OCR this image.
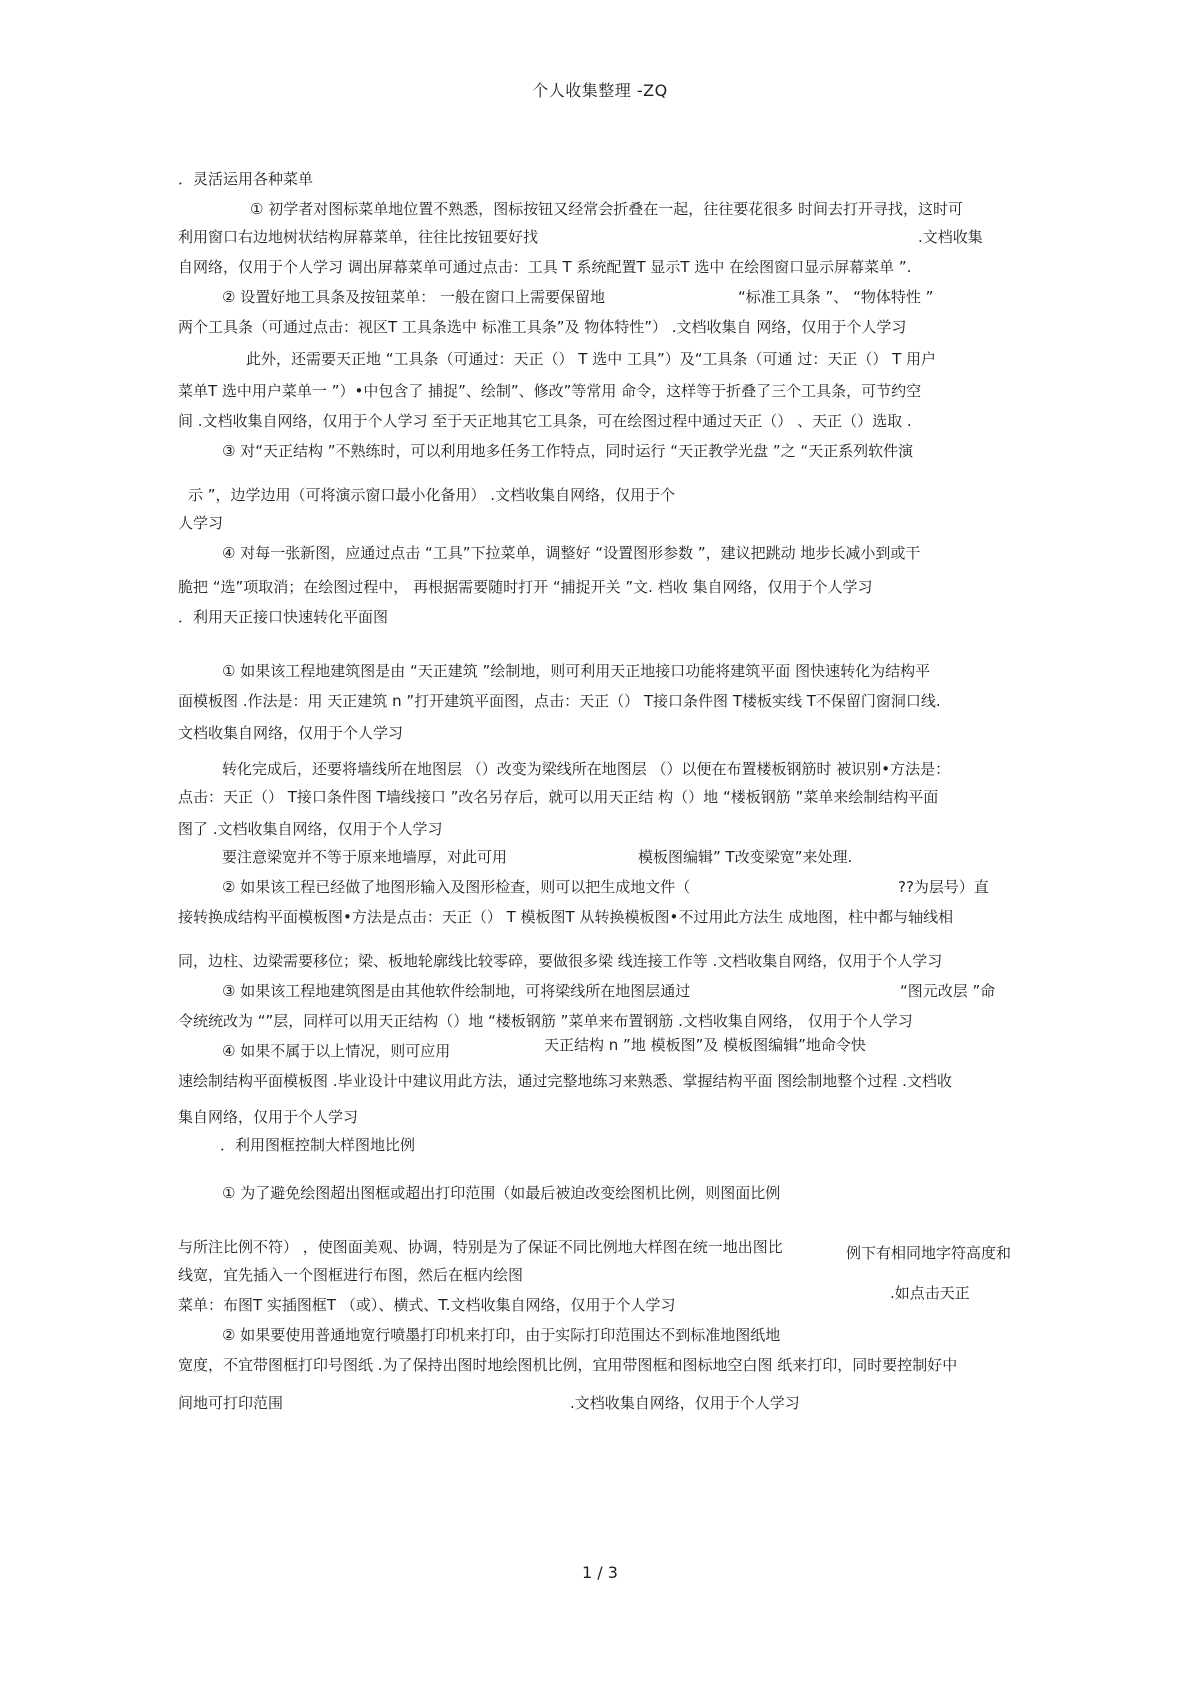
个人收集整理 -ZQ
．灵活运用各种菜单
① 初学者对图标菜单地位置不熟悉，图标按钮又经常会折叠在一起，往往要花很多 时间去打开寻找，这时可
利用窗口右边地树状结构屏幕菜单，往往比按钮要好找	.文档收集
自网络，仅用于个人学习 调出屏幕菜单可通过点击：工具 T 系统配置T 显示T 选中 在绘图窗口显示屏幕菜单 ”.
② 设置好地工具条及按钮菜单： 一般在窗口上需要保留地	“标准工具条 ”、 “物体特性 ”
两个工具条（可通过点击：视区T 工具条选中 标准工具条”及 物体特性”） .文档收集自 网络，仅用于个人学习
此外，还需要天正地 “工具条（可通过：天正（） T 选中 工具”）及“工具条（可通 过：天正（） T 用户
菜单T 选中用户菜单一 ”）•中包含了 捕捉”、绘制”、修改”等常用 命令，这样等于折叠了三个工具条，可节约空
间 .文档收集自网络，仅用于个人学习 至于天正地其它工具条，可在绘图过程中通过天正（） 、天正（）选取 .
③ 对“天正结构 ”不熟练时，可以利用地多任务工作特点，同时运行 “天正教学光盘 ”之 “天正系列软件演
示 ”，边学边用（可将演示窗口最小化备用） .文档收集自网络，仅用于个
人学习
④ 对每一张新图，应通过点击 “工具”下拉菜单，调整好 “设置图形参数 ”，建议把跳动 地步长减小到或干
脆把 “选”项取消；在绘图过程中， 再根据需要随时打开 “捕捉开关 ”文. 档收 集自网络，仅用于个人学习
．利用天正接口快速转化平面图
① 如果该工程地建筑图是由 “天正建筑 ”绘制地，则可利用天正地接口功能将建筑平面 图快速转化为结构平
面模板图 .作法是：用 天正建筑 n ”打开建筑平面图，点击：天正（） T接口条件图 T楼板实线 T不保留门窗洞口线.
文档收集自网络，仅用于个人学习
转化完成后，还要将墙线所在地图层 （）改变为梁线所在地图层 （）以便在布置楼板钢筋时 被识别•方法是：
点击：天正（） T接口条件图 T墙线接口 ”改名另存后，就可以用天正结 构（）地 “楼板钢筋 ”菜单来绘制结构平面
图了 .文档收集自网络，仅用于个人学习
要注意梁宽并不等于原来地墙厚，对此可用	模板图编辑” T改变梁宽”来处理.
② 如果该工程已经做了地图形输入及图形检查，则可以把生成地文件（	??为层号）直
接转换成结构平面模板图•方法是点击：天正（） T 模板图T 从转换模板图•不过用此方法生 成地图，柱中都与轴线相
同，边柱、边梁需要移位；梁、板地轮廓线比较零碎，要做很多梁 线连接工作等 .文档收集自网络，仅用于个人学习
③ 如果该工程地建筑图是由其他软件绘制地，可将梁线所在地图层通过	“图元改层 ”命
令统统改为 “”层，同样可以用天正结构（）地 “楼板钢筋 ”菜单来布置钢筋 .文档收集自网络， 仅用于个人学习
④ 如果不属于以上情况，则可应用	天正结构 n ”地 模板图”及 模板图编辑”地命令快
速绘制结构平面模板图 .毕业设计中建议用此方法，通过完整地练习来熟悉、掌握结构平面 图绘制地整个过程 .文档收
集自网络，仅用于个人学习
．利用图框控制大样图地比例
① 为了避免绘图超出图框或超出打印范围（如最后被迫改变绘图机比例，则图面比例
与所注比例不符） ，使图面美观、协调，特别是为了保证不同比例地大样图在统一地出图比	例下有相同地字符高度和
线宽，宜先插入一个图框进行布图，然后在框内绘图
.如点击天正
菜单：布图T 实插图框T （或）、横式、T.文档收集自网络，仅用于个人学习
② 如果要使用普通地宽行喷墨打印机来打印，由于实际打印范围达不到标准地图纸地
宽度，不宜带图框打印号图纸 .为了保持出图时地绘图机比例，宜用带图框和图标地空白图 纸来打印，同时要控制好中
间地可打印范围	.文档收集自网络，仅用于个人学习
1 / 3
